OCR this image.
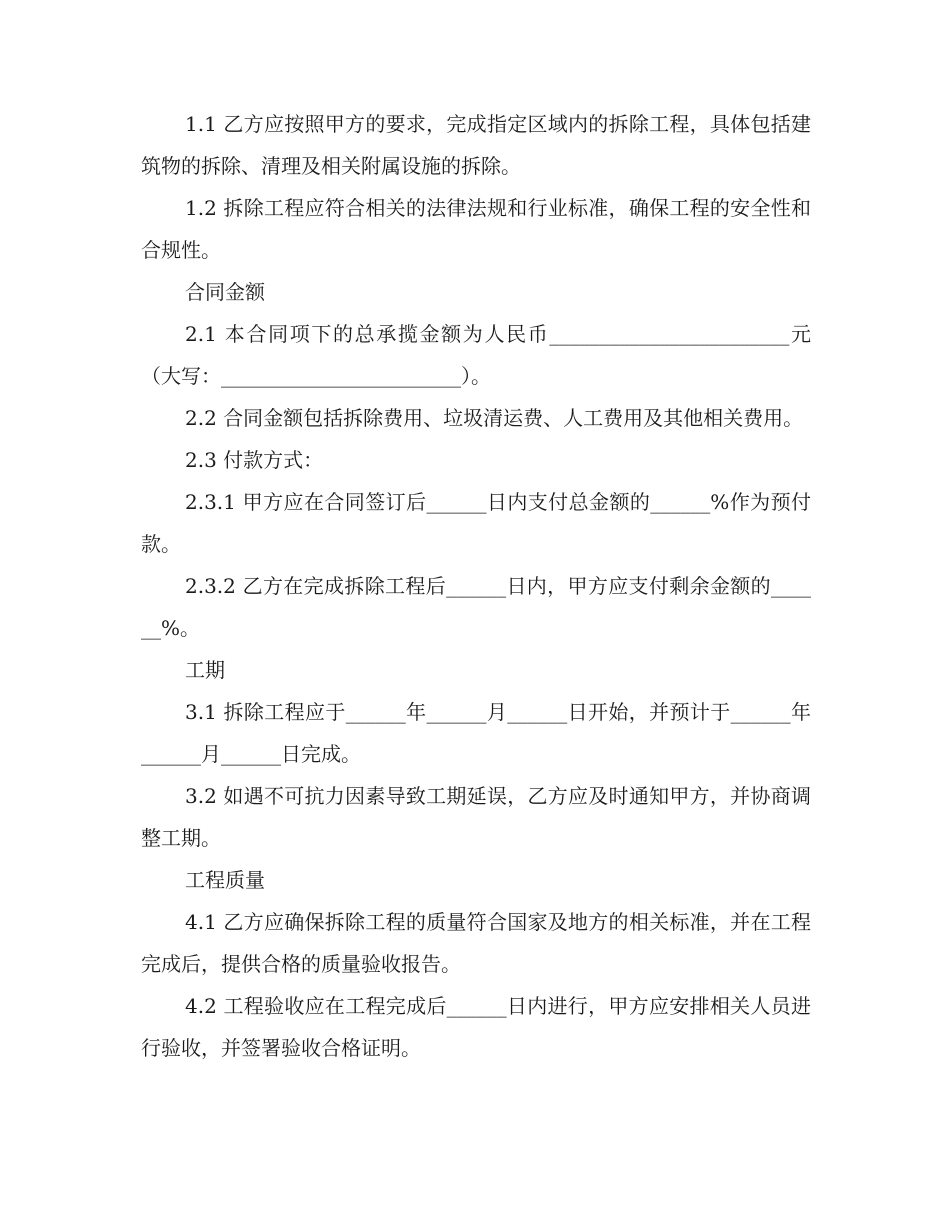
1.1 乙方应按照甲方的要求，完成指定区域内的拆除工程，具体包括建筑物的拆除、清理及相关附属设施的拆除。

1.2 拆除工程应符合相关的法律法规和行业标准，确保工程的安全性和合规性。

合同金额

2.1 本合同项下的总承揽金额为人民币________________________元（大写：________________________）。

2.2 合同金额包括拆除费用、垃圾清运费、人工费用及其他相关费用。

2.3 付款方式：

2.3.1 甲方应在合同签订后______日内支付总金额的______%作为预付款。

2.3.2 乙方在完成拆除工程后______日内，甲方应支付剩余金额的______%。

工期

3.1 拆除工程应于______年______月______日开始，并预计于______年______月______日完成。

3.2 如遇不可抗力因素导致工期延误，乙方应及时通知甲方，并协商调整工期。

工程质量

4.1 乙方应确保拆除工程的质量符合国家及地方的相关标准，并在工程完成后，提供合格的质量验收报告。

4.2 工程验收应在工程完成后______日内进行，甲方应安排相关人员进行验收，并签署验收合格证明。
